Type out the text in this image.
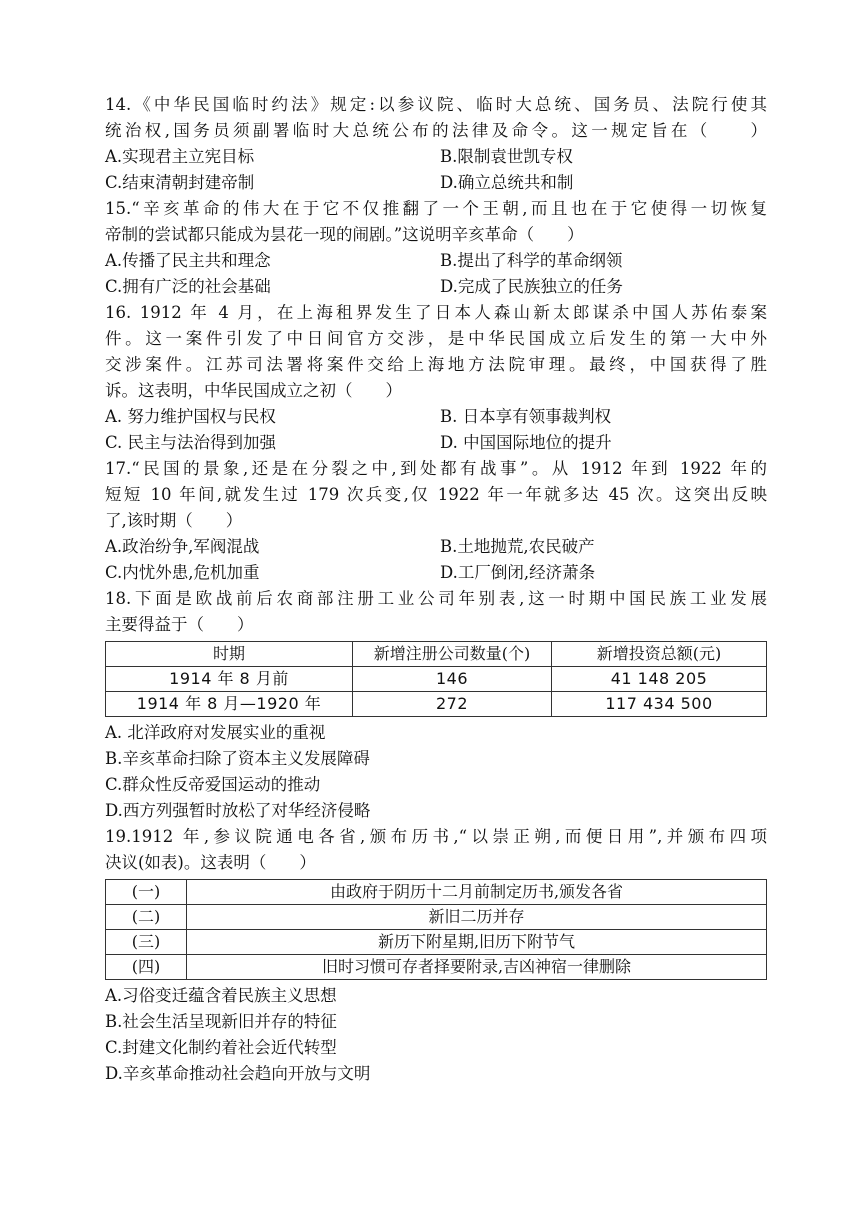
14.《中华民国临时约法》规定:以参议院、临时大总统、国务员、法院行使其
统治权,国务员须副署临时大总统公布的法律及命令。这一规定旨在（　　）
A.实现君主立宪目标	B.限制袁世凯专权
C.结束清朝封建帝制	D.确立总统共和制
15.“辛亥革命的伟大在于它不仅推翻了一个王朝,而且也在于它使得一切恢复
帝制的尝试都只能成为昙花一现的闹剧。”这说明辛亥革命（　　）
A.传播了民主共和理念	B.提出了科学的革命纲领
C.拥有广泛的社会基础	D.完成了民族独立的任务
16. 1912 年 4 月，在上海租界发生了日本人森山新太郎谋杀中国人苏佑泰案
件。这一案件引发了中日间官方交涉，是中华民国成立后发生的第一大中外
交涉案件。江苏司法署将案件交给上海地方法院审理。最终，中国获得了胜
诉。这表明，中华民国成立之初（　　）
A. 努力维护国权与民权	B. 日本享有领事裁判权
C. 民主与法治得到加强	D. 中国国际地位的提升
17.“民国的景象,还是在分裂之中,到处都有战事”。从 1912 年到 1922 年的
短短 10 年间,就发生过 179 次兵变,仅 1922 年一年就多达 45 次。这突出反映
了,该时期（　　）
A.政治纷争,军阀混战	B.土地抛荒,农民破产
C.内忧外患,危机加重	D.工厂倒闭,经济萧条
18.下面是欧战前后农商部注册工业公司年别表,这一时期中国民族工业发展
主要得益于（　　）
时期	新增注册公司数量(个)	新增投资总额(元)
1914 年 8 月前	146	41 148 205
1914 年 8 月—1920 年	272	117 434 500
A. 北洋政府对发展实业的重视
B.辛亥革命扫除了资本主义发展障碍
C.群众性反帝爱国运动的推动
D.西方列强暂时放松了对华经济侵略
19.1912 年,参议院通电各省,颁布历书,“以崇正朔,而便日用”,并颁布四项
决议(如表)。这表明（　　）
(一)	由政府于阴历十二月前制定历书,颁发各省
(二)	新旧二历并存
(三)	新历下附星期,旧历下附节气
(四)	旧时习惯可存者择要附录,吉凶神宿一律删除
A.习俗变迁蕴含着民族主义思想
B.社会生活呈现新旧并存的特征
C.封建文化制约着社会近代转型
D.辛亥革命推动社会趋向开放与文明
